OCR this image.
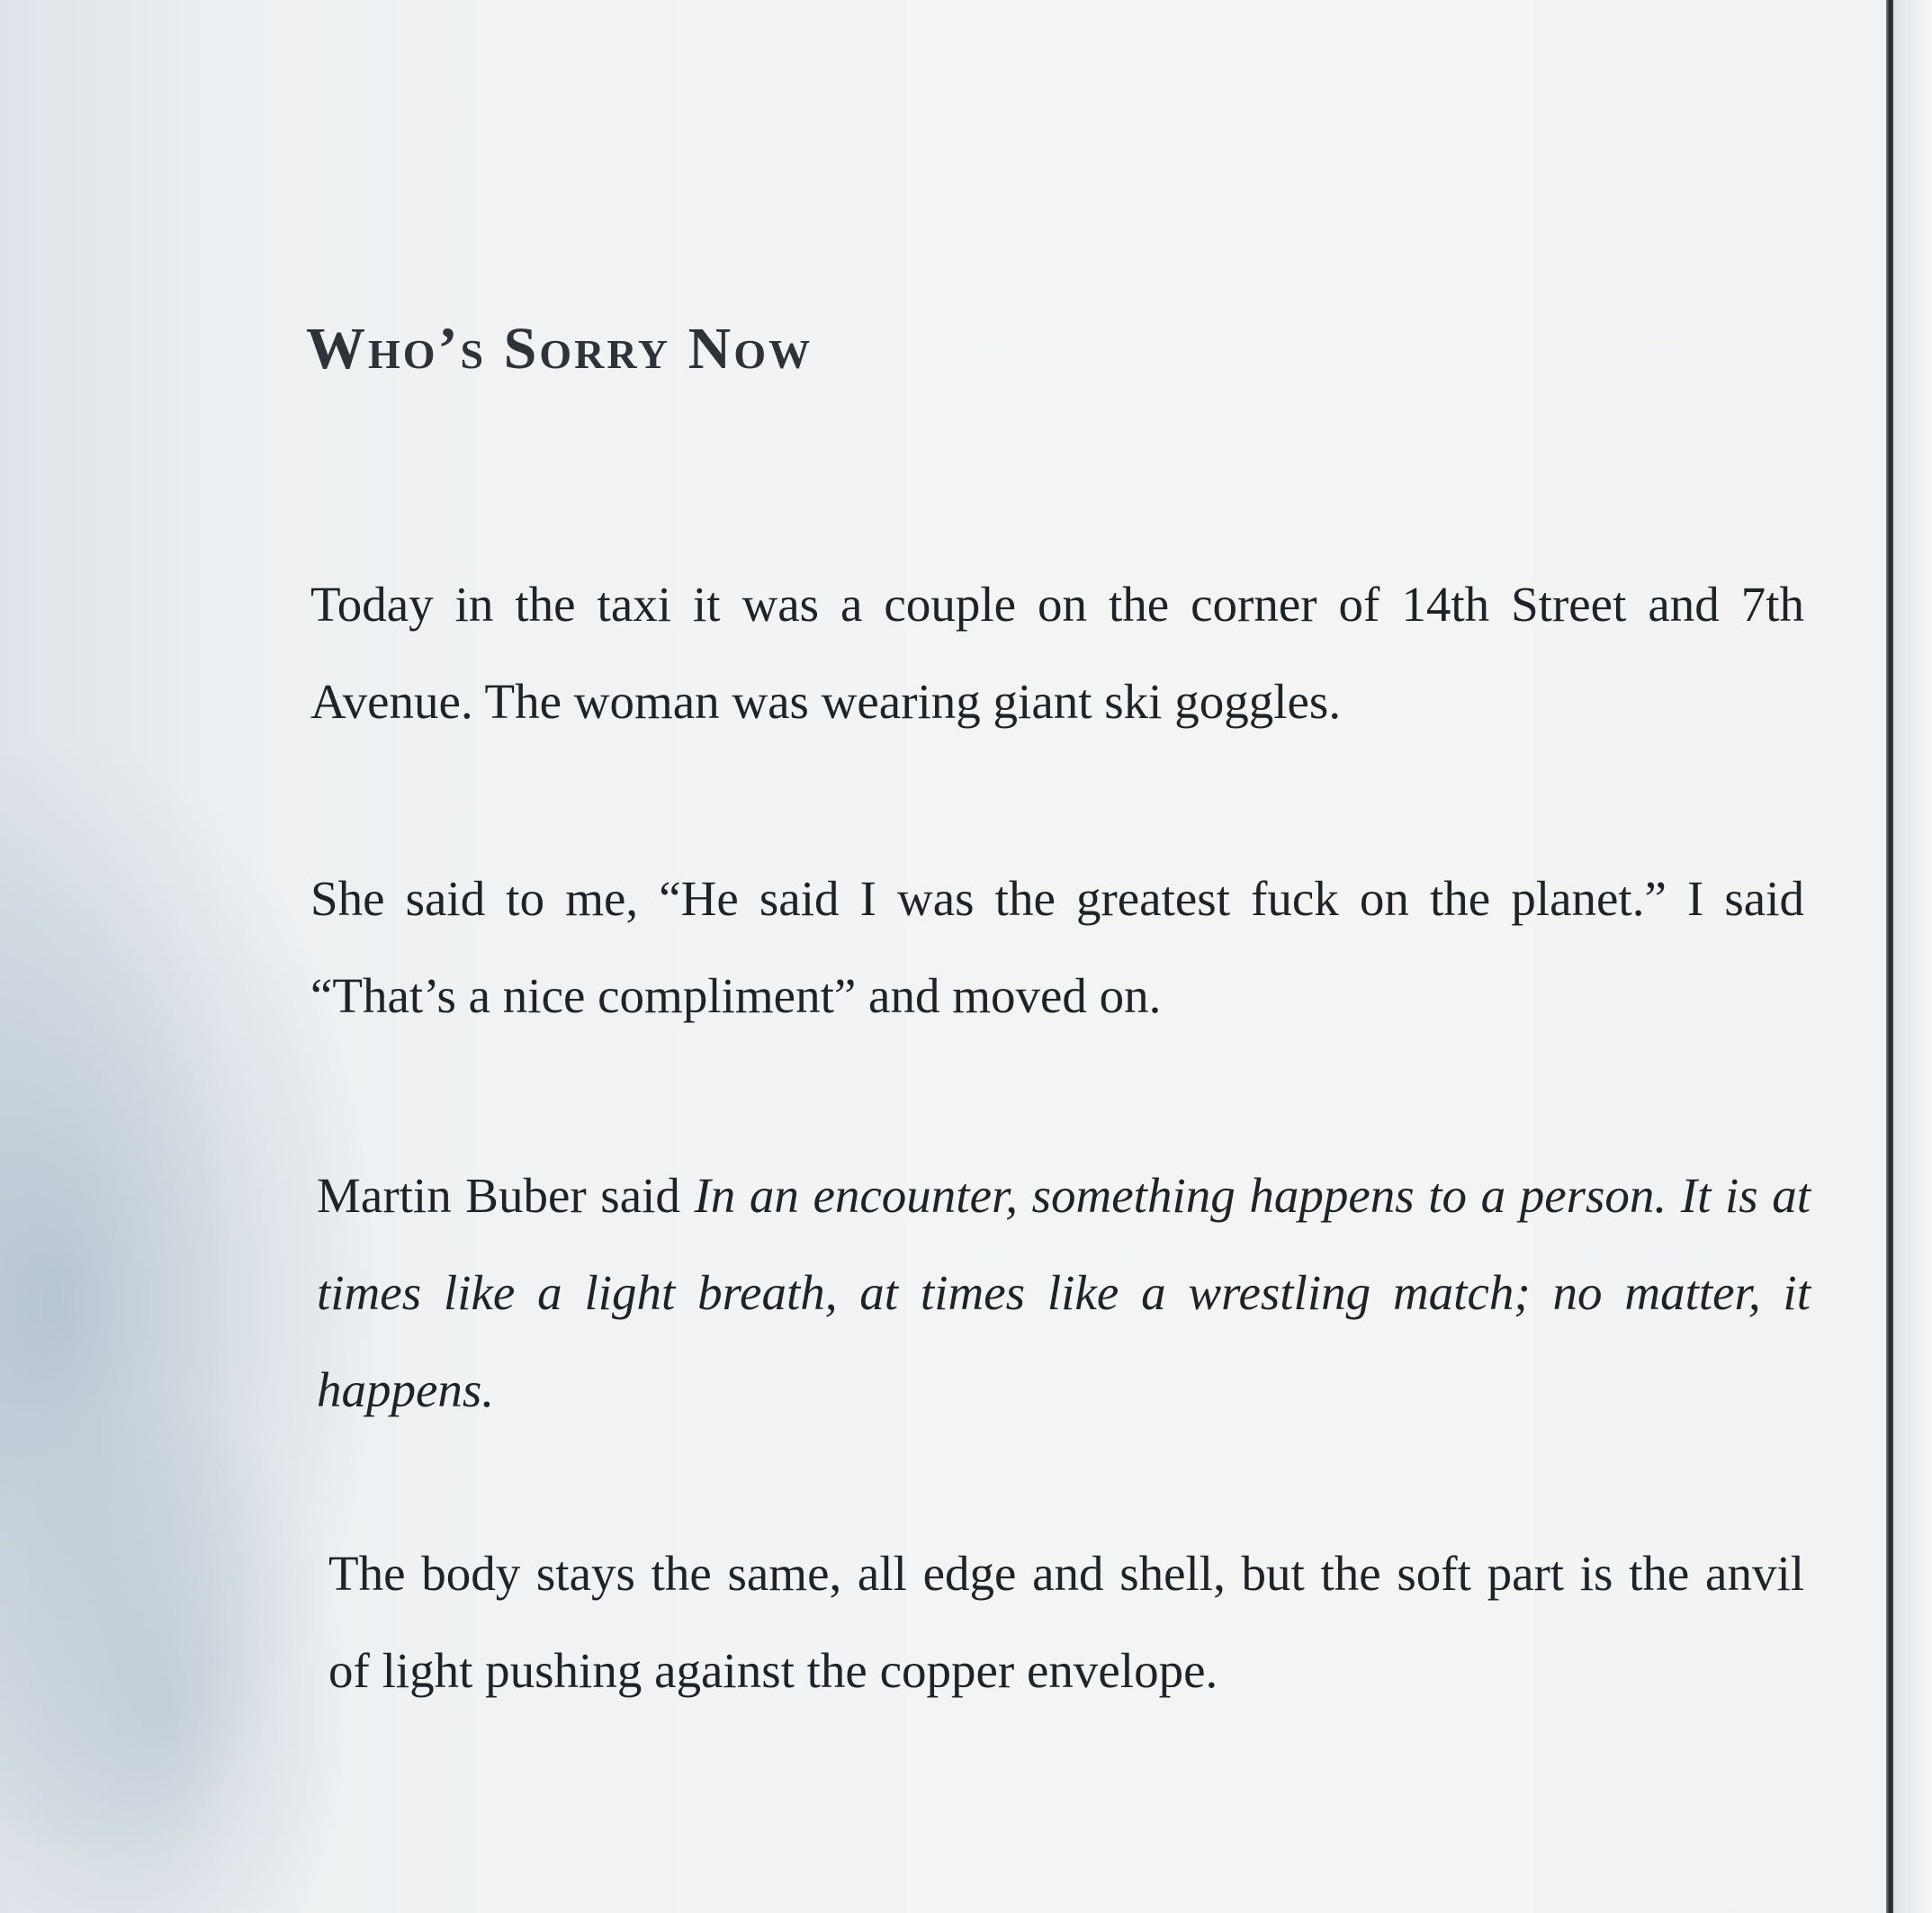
Who’s Sorry Now

Today in the taxi it was a couple on the corner of 14th Street and 7th Avenue. The woman was wearing giant ski goggles.

She said to me, “He said I was the greatest fuck on the planet.” I said “That’s a nice compliment” and moved on.

Martin Buber said In an encounter, something happens to a person. It is at times like a light breath, at times like a wrestling match; no matter, it happens.

The body stays the same, all edge and shell, but the soft part is the anvil of light pushing against the copper envelope.
